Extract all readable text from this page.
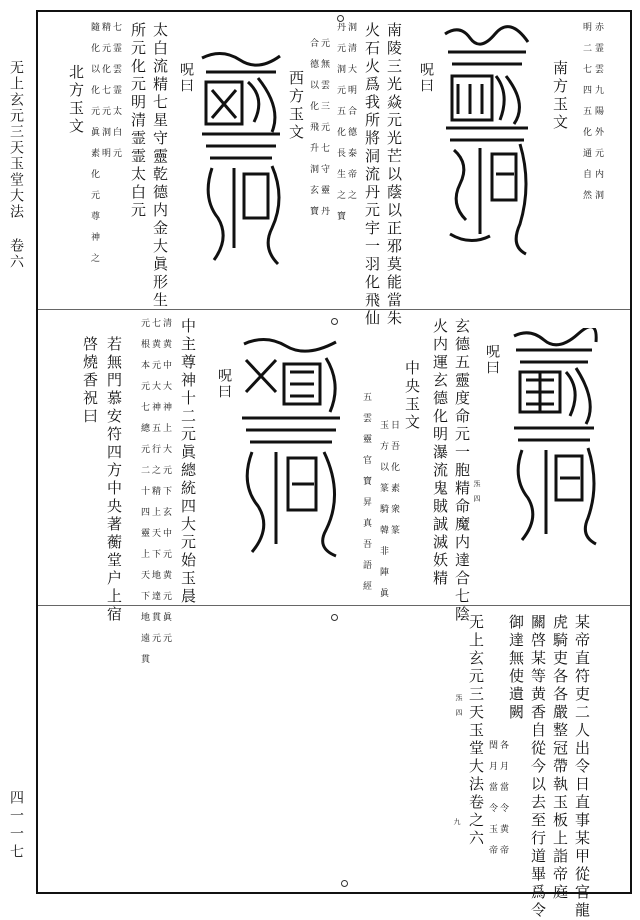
无上玄元三天玉堂大法 卷六
四一一七
赤 霊 雲 九 陽 外 元 内 洞
明 二 七 四 五 化 通 自 然
南方玉文
呪曰
南陵三光焱元光芒以蔭以正邪莫能當朱
火石火爲我所將洞流丹元宇一羽化飛仙
洞 清 大 明 合 德 泰 帝 之
丹 元 洞 元 五 化 長 生 之 寶
元 無 雲 三 元 七 守 靈 丹
合 德 以 化 飛 升 洞 玄 寶
西方玉文
呪曰
太白流精七星守靈乾德内金大眞形生
所元化元明清霊霊太白元
七 霊 雲 霊 太 白 元
精 元 化 七 元 洞 明
隨 化 以 化 元 眞 素 化 元 尊 神 之
北方玉文
呪曰
玄德五靈度命元一胞精命魔内達合七陰
火内運玄德化明瀑流鬼賊誠滅妖精	炁 四
中央玉文
日 吾 化 素 衆 篆
玉 方 以 篆 騎 韓 非 陣 眞
五 雲 靈 官 寶 昇 真 吾 語 經
呪曰
中主尊神十二元眞總統四大元始玉晨
清 黄 中 大 神 上 大 元 下 玄 中 元 黄 元 眞 元
七 黄 元 大 神 五 行 之 精 上 天 下 地 達 貫 元
元 根 本 元 七 總 元 二 十 四 靈 上 天 下 地 遠 貫
若無門慕安符四方中央著蘅堂户上宿
啓燒香祝曰
某帝直符吏二人出令日直事某甲從官龍
虎騎吏各各嚴整冠帶執玉板上詣帝庭
關啓某等黄香自從今以去至行道畢爲令
御達無使遺闕
各 月 當 令 黄 帝
閏 月 當 令 玉 帝
无上玄元三天玉堂大法卷之六
炁 四
九
